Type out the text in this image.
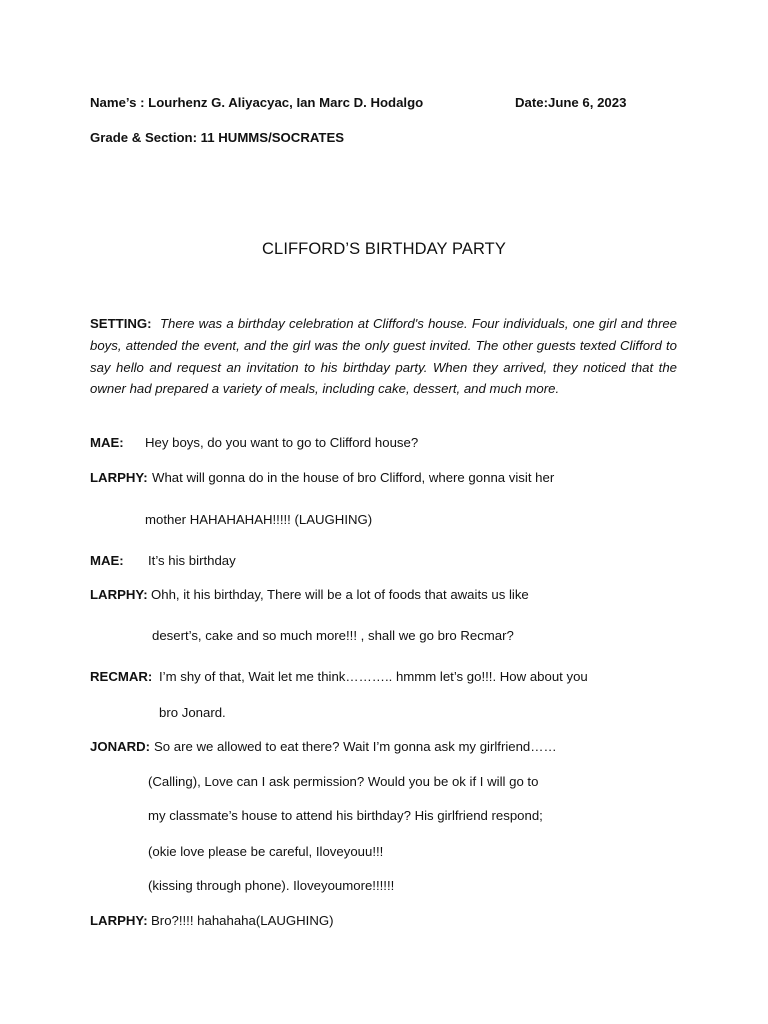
Name’s : Lourhenz G. Aliyacyac, Ian Marc D. Hodalgo	Date:June 6, 2023
Grade & Section: 11 HUMMS/SOCRATES
CLIFFORD’S BIRTHDAY PARTY
SETTING: There was a birthday celebration at Clifford's house. Four individuals, one girl and three boys, attended the event, and the girl was the only guest invited. The other guests texted Clifford to say hello and request an invitation to his birthday party. When they arrived, they noticed that the owner had prepared a variety of meals, including cake, dessert, and much more.
MAE: Hey boys, do you want to go to Clifford house?
LARPHY: What will gonna do in the house of bro Clifford, where gonna visit her
mother HAHAHAHAH!!!!! (LAUGHING)
MAE: It’s his birthday
LARPHY: Ohh, it his birthday, There will be a lot of foods that awaits us like
desert’s, cake and so much more!!! , shall we go bro Recmar?
RECMAR: I’m shy of that, Wait let me think……….. hmmm let’s go!!!. How about you
bro Jonard.
JONARD: So are we allowed to eat there? Wait I’m gonna ask my girlfriend……
(Calling), Love can I ask permission? Would you be ok if I will go to
my classmate’s house to attend his birthday? His girlfriend respond;
(okie love please be careful, Iloveyouu!!!
(kissing through phone). Iloveyoumore!!!!!!
LARPHY: Bro?!!!! hahahaha(LAUGHING)
